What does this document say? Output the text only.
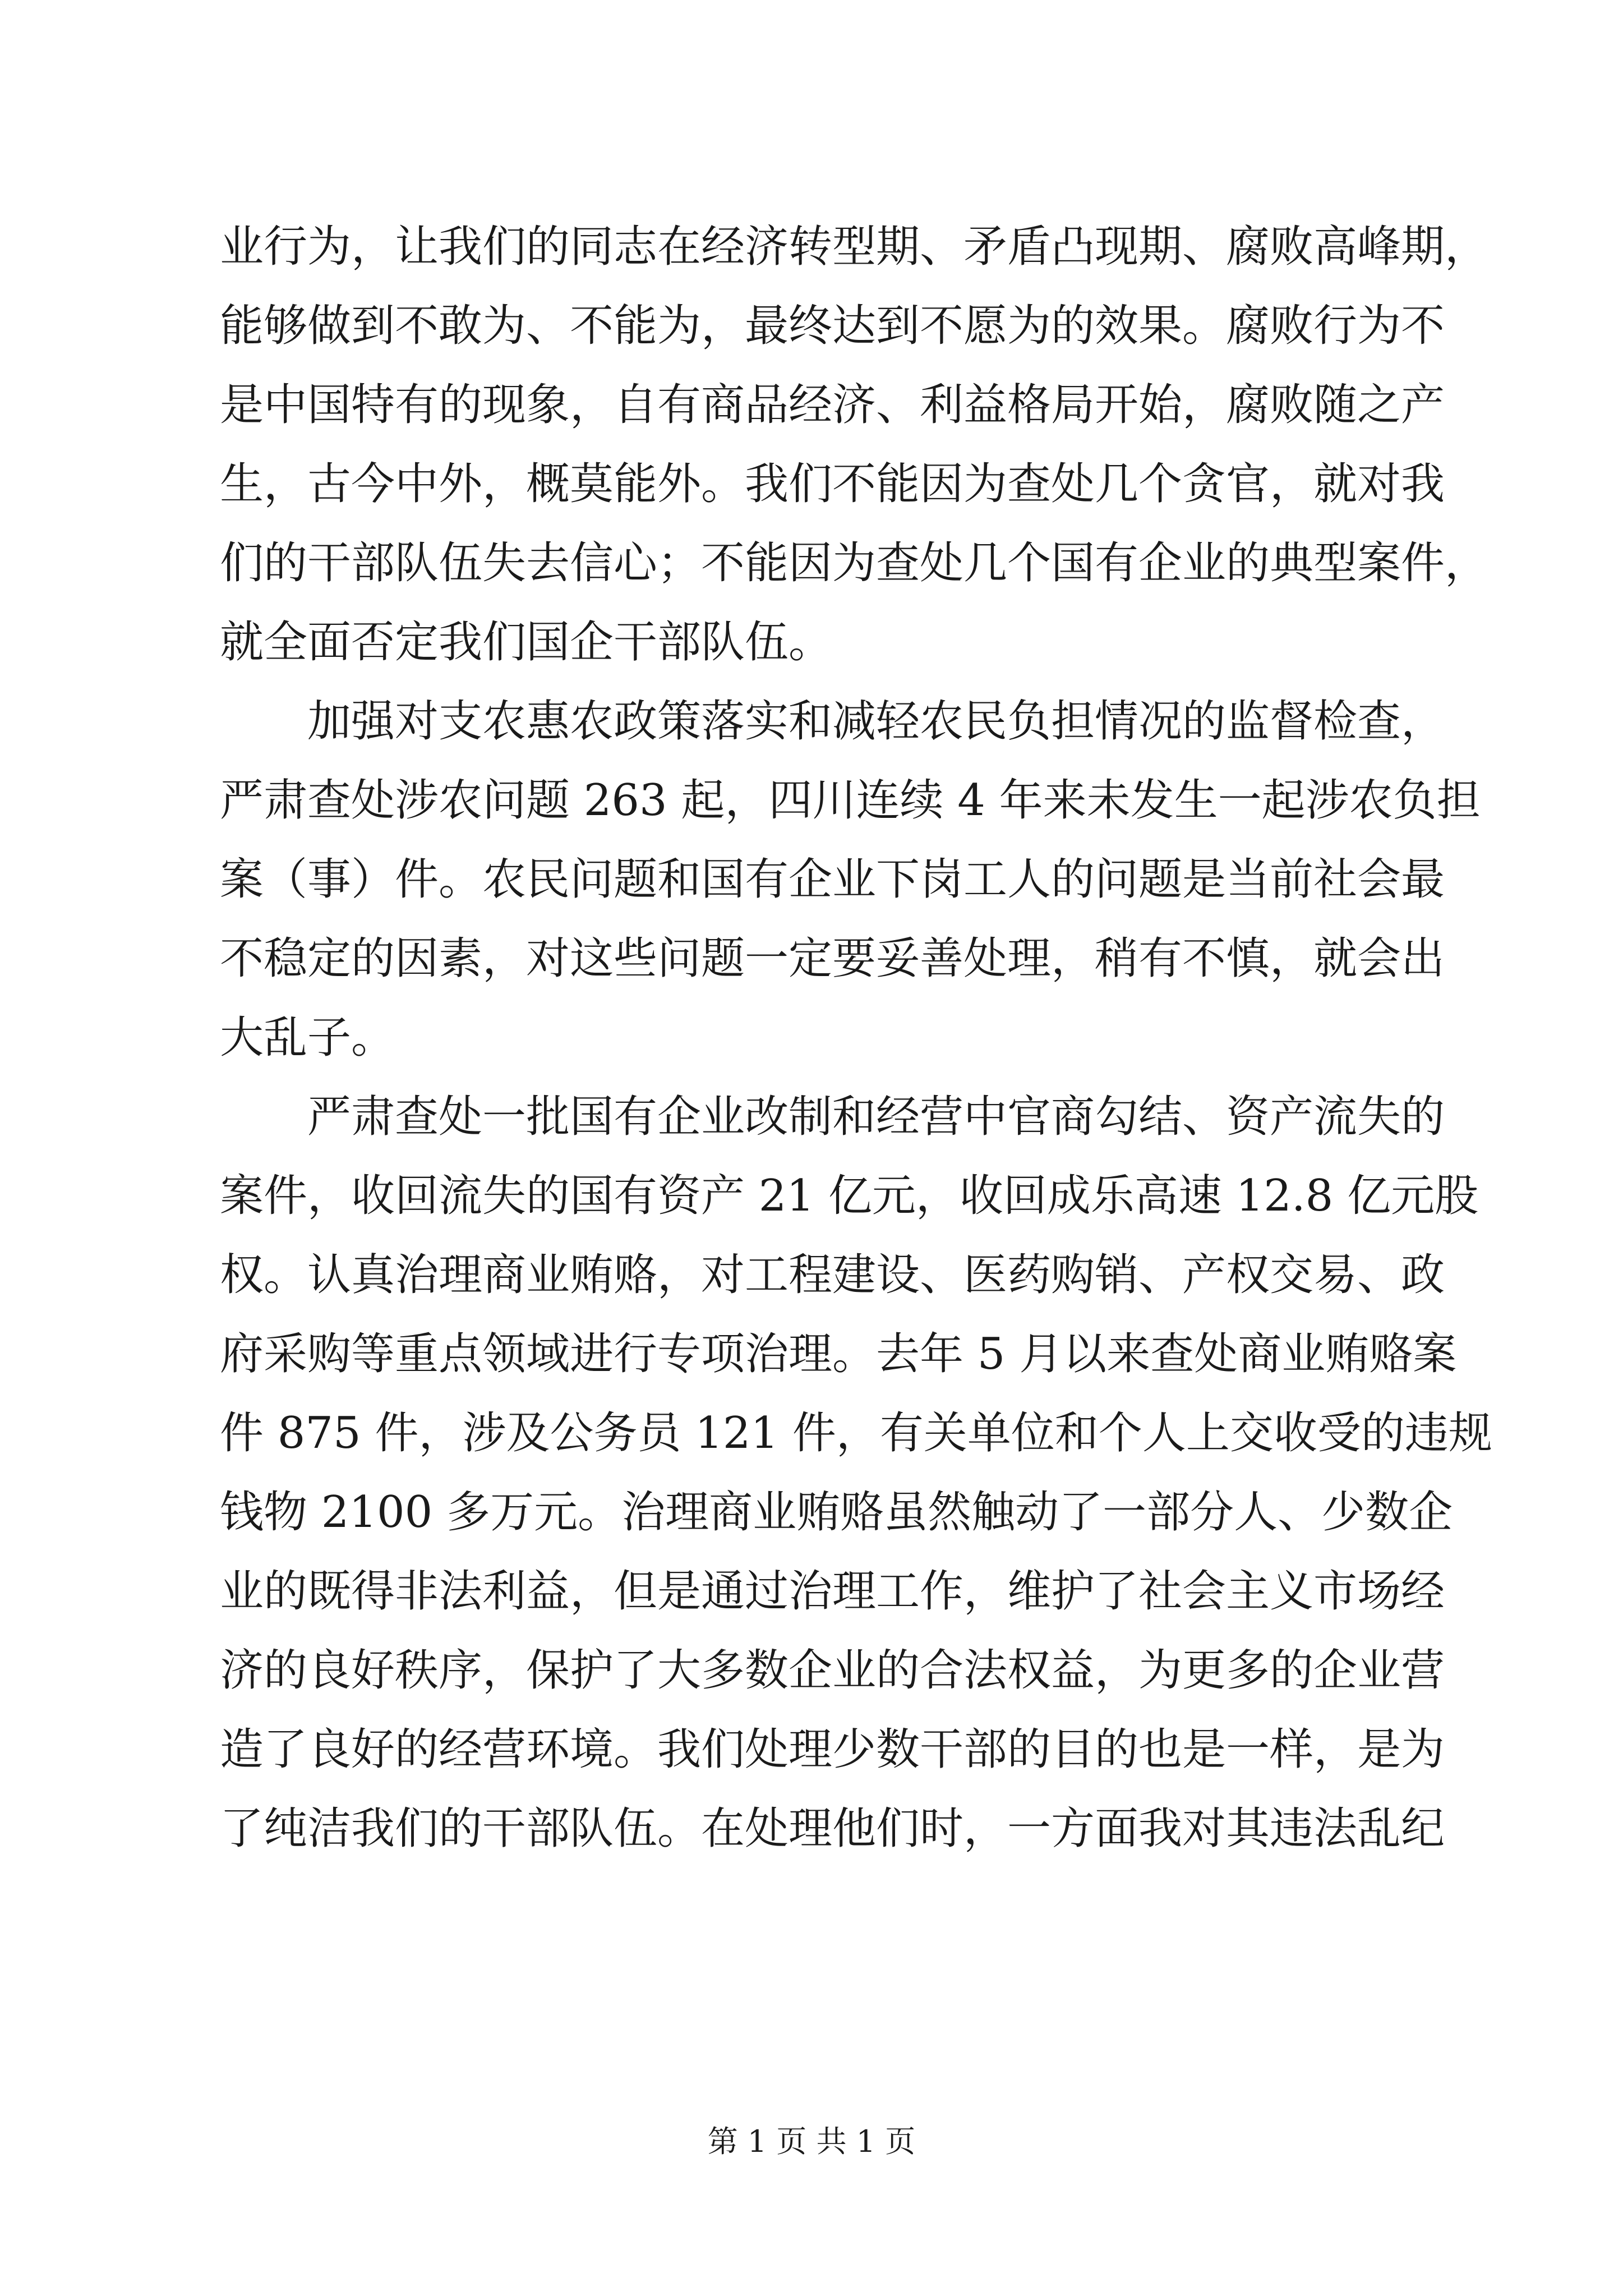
业行为，让我们的同志在经济转型期、矛盾凸现期、腐败高峰期，
能够做到不敢为、不能为，最终达到不愿为的效果。腐败行为不
是中国特有的现象，自有商品经济、利益格局开始，腐败随之产
生，古今中外，概莫能外。我们不能因为查处几个贪官，就对我
们的干部队伍失去信心；不能因为查处几个国有企业的典型案件，
就全面否定我们国企干部队伍。
加强对支农惠农政策落实和减轻农民负担情况的监督检查，
严肃查处涉农问题 263 起，四川连续 4 年来未发生一起涉农负担
案（事）件。农民问题和国有企业下岗工人的问题是当前社会最
不稳定的因素，对这些问题一定要妥善处理，稍有不慎，就会出
大乱子。
严肃查处一批国有企业改制和经营中官商勾结、资产流失的
案件，收回流失的国有资产 21 亿元，收回成乐高速 12.8 亿元股
权。认真治理商业贿赂，对工程建设、医药购销、产权交易、政
府采购等重点领域进行专项治理。去年 5 月以来查处商业贿赂案
件 875 件，涉及公务员 121 件，有关单位和个人上交收受的违规
钱物 2100 多万元。治理商业贿赂虽然触动了一部分人、少数企
业的既得非法利益，但是通过治理工作，维护了社会主义市场经
济的良好秩序，保护了大多数企业的合法权益，为更多的企业营
造了良好的经营环境。我们处理少数干部的目的也是一样，是为
了纯洁我们的干部队伍。在处理他们时，一方面我对其违法乱纪
第 1 页 共 1 页
